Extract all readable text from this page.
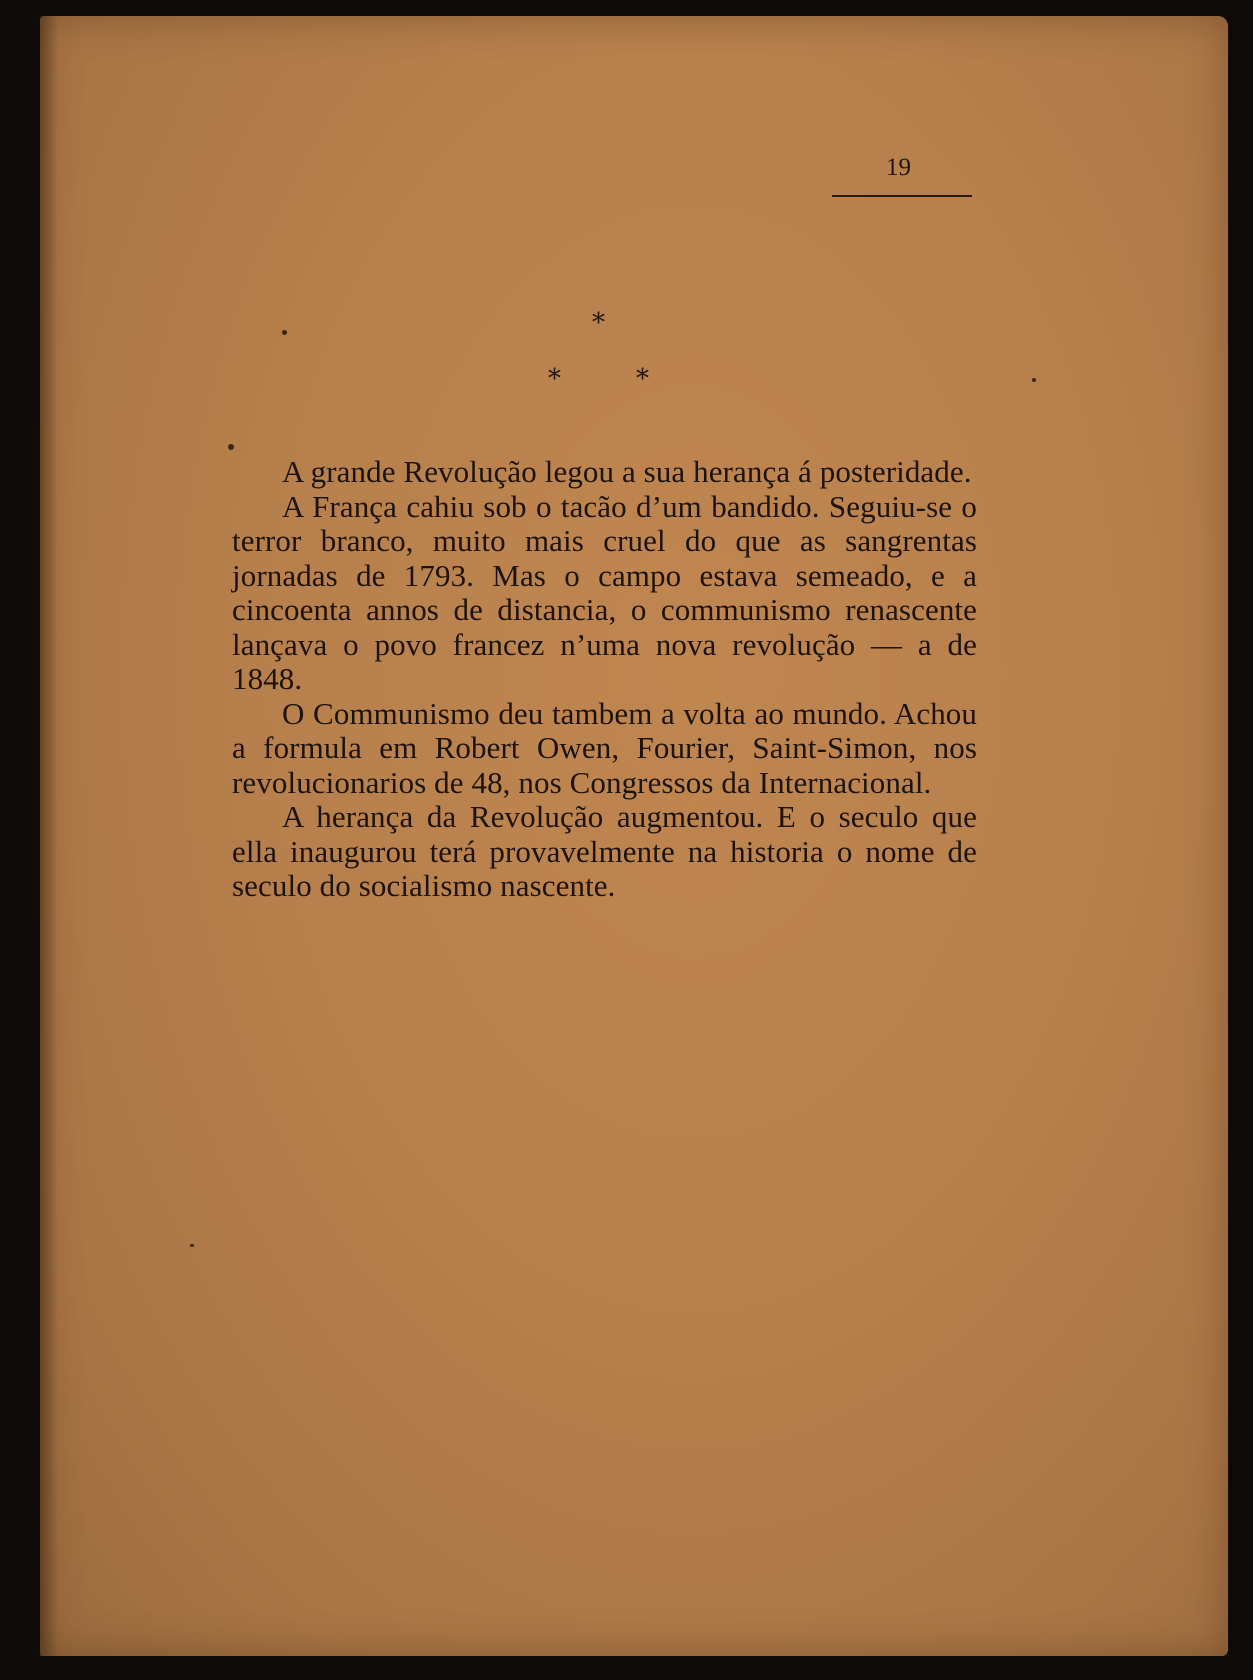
19
*
*	*

A grande Revolução legou a sua herança á posteridade.

A França cahiu sob o tacão d’um bandido. Seguiu-se o terror branco, muito mais cruel do que as sangrentas jornadas de 1793. Mas o campo estava semeado, e a cincoenta annos de distancia, o communismo renascente lançava o povo francez n’uma nova revolução — a de 1848.

O Communismo deu tambem a volta ao mundo. Achou a formula em Robert Owen, Fourier, Saint-Simon, nos revolucionarios de 48, nos Congressos da Internacional.

A herança da Revolução augmentou. E o seculo que ella inaugurou terá provavelmente na historia o nome de seculo do socialismo nascente.
